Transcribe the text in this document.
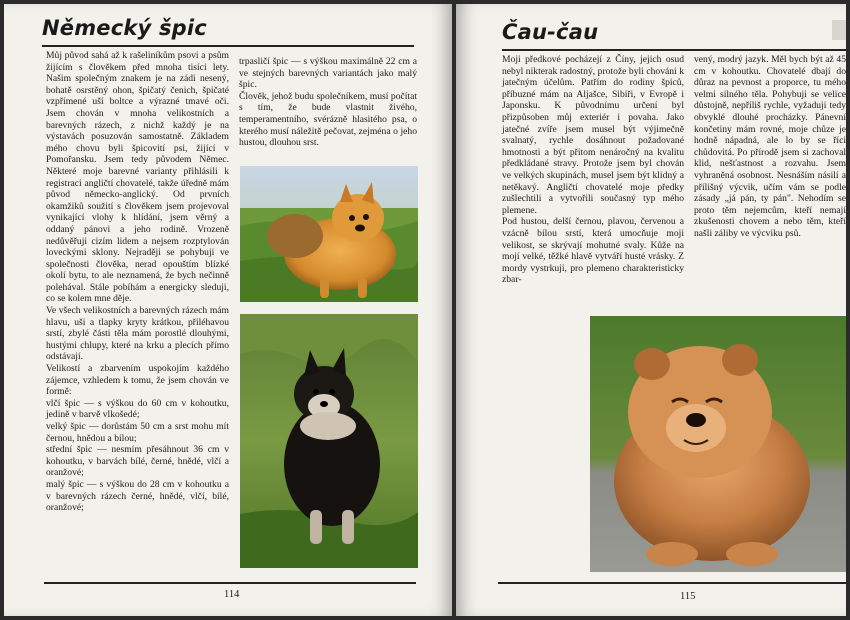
Německý špic

Můj původ sahá až k rašeliníkům psovi a psům žijícím s člověkem před mnoha tisíci lety. Našim společným znakem je na zádi nesený, bohatě osrstěný ohon, špičatý čenich, špičaté vzpřímené uší boltce a výrazné tmavé oči. Jsem chován v mnoha velikostních a barevných rázech, z nichž každý je na výstavách posuzován samostatně. Základem mého chovu byli špicovití psi, žijící v Pomořansku. Jsem tedy původem Němec. Některé moje barevné varianty přihlásili k registraci angličtí chovatelé, takže úředně mám původ německo-anglický. Od prvních okamžiků soužití s člověkem jsem projevoval vynikající vlohy k hlídání, jsem věrný a oddaný pánovi a jeho rodině. Vrozeně nedůvěřuji cizím lidem a nejsem rozptylován loveckými sklony. Nejraději se pohybuji ve společnosti člověka, nerad opouštím blízké okolí bytu, to ale neznamená, že bych nečinně polehával. Stále pobíhám a energicky sleduji, co se kolem mne děje.

Ve všech velikostních a barevných rázech mám hlavu, uši a tlapky kryty krátkou, přiléhavou srstí, zbylé části těla mám porostlé dlouhými, hustými chlupy, které na krku a plecích přímo odstávají.

Velikostí a zbarvením uspokojím každého zájemce, vzhledem k tomu, že jsem chován ve formě:

vlčí špic — s výškou do 60 cm v kohoutku, jedině v barvě vlkošedé;

velký špic — dorůstám 50 cm a srst mohu mít černou, hnědou a bílou;

střední špic — nesmím přesáhnout 36 cm v kohoutku, v barvách bílé, černé, hnědé, vlčí a oranžové;

malý špic — s výškou do 28 cm v kohoutku a v barevných rázech černé, hnědé, vlčí, bílé, oranžové;

trpasličí špic — s výškou maximálně 22 cm a ve stejných barevných variantách jako malý špic.

Člověk, jehož budu společníkem, musí počítat s tím, že bude vlastnit živého, temperamentního, svérázně hlasitého psa, o kterého musí náležitě pečovat, zejména o jeho hustou, dlouhou srst.

114
Čau-čau

Moji předkové pocházejí z Číny, jejich osud nebyl nikterak radostný, protože byli chováni k jatečným účelům. Patřím do rodiny špiců, příbuzné mám na Aljašce, Sibiři, v Evropě i Japonsku. K původnímu určení byl přizpůsoben můj exteriér i povaha. Jako jatečné zvíře jsem musel být výjimečně svalnatý, rychle dosáhnout požadované hmotnosti a být přitom nenáročný na kvalitu předkládané stravy. Protože jsem byl chován ve velkých skupinách, musel jsem být klidný a netěkavý. Angličtí chovatelé moje předky zušlechtili a vytvořili současný typ mého plemene.

Pod hustou, delší černou, plavou, červenou a vzácně bílou srstí, která umocňuje moji velikost, se skrývají mohutné svaly. Kůže na mojí velké, těžké hlavě vytváří husté vrásky. Z mordy vystrkuji, pro plemeno charakteristicky zbar-

vený, modrý jazyk. Měl bych být až 45 cm v kohoutku. Chovatelé dbají do důraz na pevnost a proporce, tu mého velmi silného těla. Pohybuji se velice důstojně, nepříliš rychle, vyžaduji tedy obvyklé dlouhé procházky. Pánevní končetiny mám rovné, moje chůze je hodně nápadná, ale lo by se říci chůdovitá. Po přírodě jsem si zachoval klid, nešťastnost a rozvahu. Jsem vyhraněná osobnost. Nesnáším násilí a přílišný výcvik, učím vám se podle zásady „já pán, ty pán". Nehodím se proto těm nejemcům, kteří nemají zkušenosti chovem a nebo těm, kteří našli záliby ve výcviku psů.

115
